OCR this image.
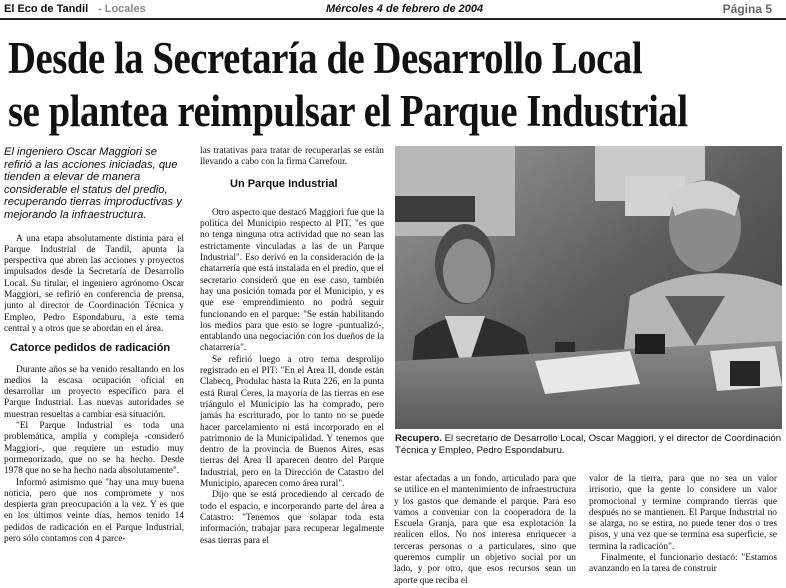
El Eco de Tandil - Locales	Mércoles 4 de febrero de 2004	Página 5
Desde la Secretaría de Desarrollo Local
se plantea reimpulsar el Parque Industrial

El ingeniero Oscar Maggiori se refirió a las acciones iniciadas, que tienden a elevar de manera considerable el status del predio, recuperando tierras improductivas y mejorando la infraestructura.

A una etapa absolutamente distinta para el Parque Industrial de Tandil, apunta la perspectiva que abren las acciones y proyectos impulsados desde la Secretaría de Desarrollo Local. Su titular, el ingeniero agrónomo Oscar Maggiori, se refirió en conferencia de prensa, junto al director de Coordinación Técnica y Empleo, Pedro Espondaburu, a este tema central y a otros que se abordan en el área.

Catorce pedidos de radicación

Durante años se ha venido resaltando en los medios la escasa ocupación oficial en desarrollar un proyecto específico para el Parque Industrial. Las nuevas autoridades se muestran resueltas a cambiar esa situación.

"El Parque Industrial es toda una problemática, amplia y compleja -consideró Maggiori-, que requiere un estudio muy pormenorizado, que no se ha hecho. Desde 1978 que no se ha hecho nada absolutamente".

Informó asimismo que "hay una muy buena noticia, pero que nos compromete y nos despierta gran preocupación a la vez. Y es que en los últimos veinte días, hemos tenido 14 pedidos de radicación en el Parque Industrial, pero sólo contamos con 4 parce-

las tratativas para tratar de recuperarlas se están llevando a cabo con la firma Carrefour.

Un Parque Industrial

Otro aspecto que destacó Maggiori fue que la política del Municipio respecto al PIT, "es que no tenga ninguna otra actividad que no sean las estrictamente vinculadas a las de un Parque Industrial". Eso derivó en la consideración de la chatarrería que está instalada en el predio, que el secretario consideró que en ese caso, también hay una posición tomada por el Municipio, y es que ese emprendimiento no podrá seguir funcionando en el parque: "Se están habilitando los medios para que esto se logre -puntualizó-, entablando una negociación con los dueños de la chatarrería".

Se refirió luego a otro tema desprolijo registrado en el PIT: "En el Area II, donde están Clabecq, Produlac hasta la Ruta 226, en la punta está Rural Ceres, la mayoría de las tierras en ese triángulo el Municipio las ha comprado, pero jamás ha escriturado, por lo tanto no se puede hacer parcelamiento ni está incorporado en el patrimonio de la Municipalidad. Y tenemos que dentro de la provincia de Buenos Aires, esas tierras del Area II aparecen dentro del Parque Industrial, pero en la Dirección de Catastro del Municipio, aparecen como área rural".

Dijo que se está procediendo al cercado de todo el espacio, e incorporando parte del área a Catastro: "Tenemos que solapar toda esta información, trabajar para recuperar legalmente esas tierras para el

Recupero. El secretario de Desarrollo Local, Oscar Maggiori, y el director de Coordinación Técnica y Empleo, Pedro Espondaburu.

estar afectadas a un fondo, articulado para que se utilice en el mantenimiento de infraestructura y los gastos que demande el parque. Para eso vamos a conveniar con la cooperadora de la Escuela Granja, para que esa explotación la realicen ellos. No nos interesa enriquecer a terceras personas o a particulares, sino que queremos cumplir un objetivo social por un lado, y por otro, que esos recursos sean un aporte que reciba el

valor de la tierra, para que no sea un valor irrisorio, que la gente lo considere un valor promocional y termine comprando tierras que después no se mantienen. El Parque Industrial no se alarga, no se estira, no puede tener dos o tres pisos, y una vez que se termina esa superficie, se termina la radicación".

Finalmente, el funcionario destacó: "Estamos avanzando en la tarea de construir
